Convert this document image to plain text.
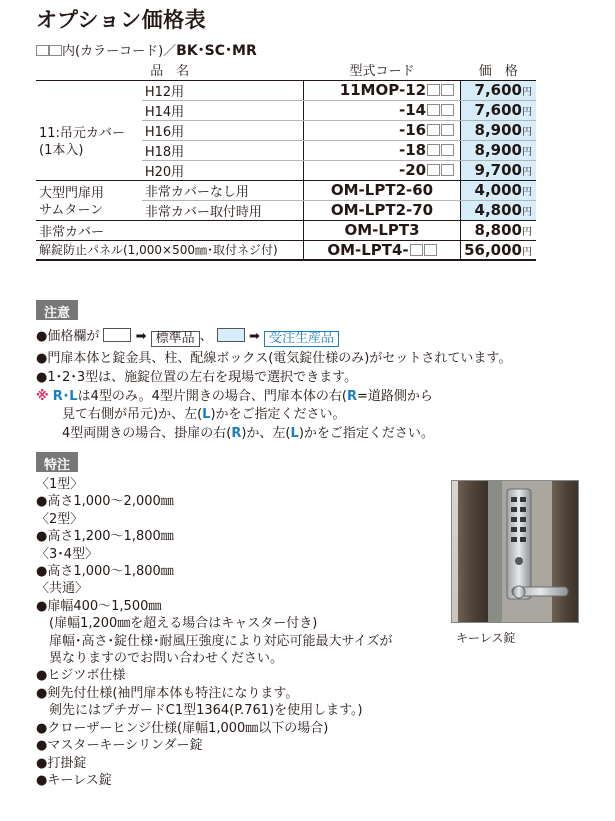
オプション価格表
内(カラーコード)／BK･SC･MR
品　名		型式コード	価　格
11:吊元カバー
(1本入)	H12用	11MOP-12	7,600円
	H14用	-14	7,600円
	H16用	-16	8,900円
	H18用	-18	8,900円
	H20用	-20	9,700円
大型門扉用
サムターン	非常カバーなし用	OM-LPT2-60	4,000円
	非常カバー取付時用	OM-LPT2-70	4,800円
非常カバー		OM-LPT3	8,800円
解錠防止パネル(1,000×500㎜･取付ネジ付)		OM-LPT4-	56,000円
注意
●価格欄が	➡ 標準品 、	➡ 受注生産品
●門扉本体と錠金具、柱、配線ボックス(電気錠仕様のみ)がセットされています。
●1･2･3型は、施錠位置の左右を現場で選択できます。
※ R･Lは4型のみ。4型片開きの場合、門扉本体の右(R=道路側から
見て右側が吊元)か、左(L)かをご指定ください。
4型両開きの場合、掛扉の右(R)か、左(L)かをご指定ください。
特注
〈1型〉
●高さ1,000～2,000㎜
〈2型〉
●高さ1,200～1,800㎜
〈3･4型〉
●高さ1,000～1,800㎜
〈共通〉
●扉幅400～1,500㎜
　(扉幅1,200㎜を超える場合はキャスター付き)
　扉幅･高さ･錠仕様･耐風圧強度により対応可能最大サイズが
　異なりますのでお問い合わせください。
●ヒジツボ仕様
●剣先付仕様(袖門扉本体も特注になります。
　剣先にはプチガードC1型1364(P.761)を使用します。)
●クローザーヒンジ仕様(扉幅1,000㎜以下の場合)
●マスターキーシリンダー錠
●打掛錠
●キーレス錠
キーレス錠
